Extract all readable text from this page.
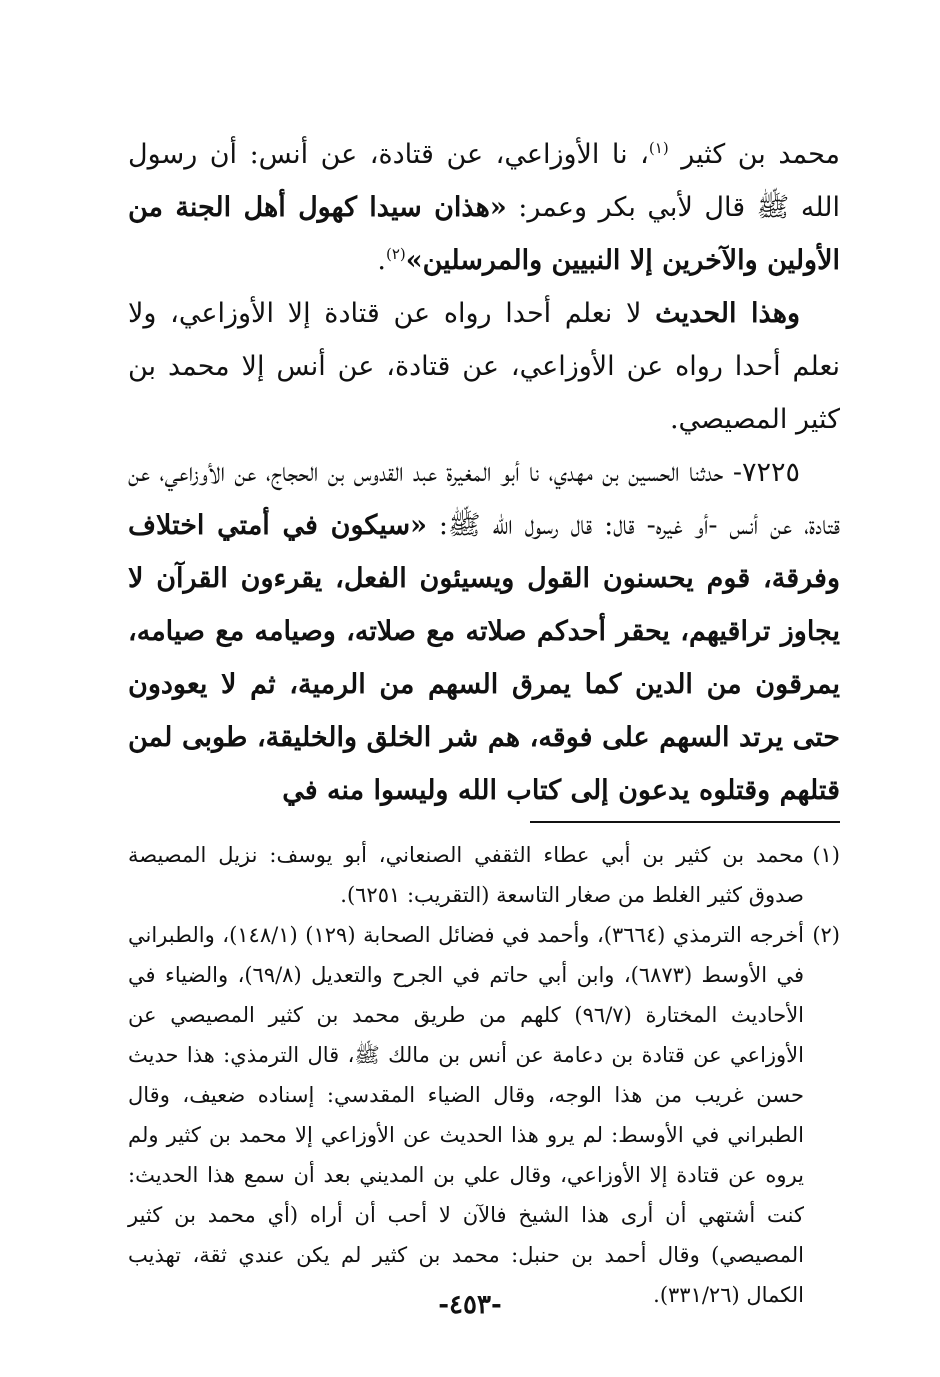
محمد بن كثير $^{(١)}$، نا الأوزاعي، عن قتادة، عن أنس: أن رسول الله ﷺ قال لأبي بكر وعمر: «هذان سيدا كهول أهل الجنة من الأولين والآخرين إلا النبيين والمرسلين»$^{(٢)}$.

وهذا الحديث لا نعلم أحدا رواه عن قتادة إلا الأوزاعي، ولا نعلم أحدا رواه عن الأوزاعي، عن قتادة، عن أنس إلا محمد بن كثير المصيصي.

٧٢٢٥- حدثنا الحسين بن مهدي، نا أبو المغيرة عبد القدوس بن الحجاج، عن الأوزاعي، عن قتادة، عن أنس -أو غيره- قال: قال رسول الله ﷺ: «سيكون في أمتي اختلاف وفرقة، قوم يحسنون القول ويسيئون الفعل، يقرءون القرآن لا يجاوز تراقيهم، يحقر أحدكم صلاته مع صلاته، وصيامه مع صيامه، يمرقون من الدين كما يمرق السهم من الرمية، ثم لا يعودون حتى يرتد السهم على فوقه، هم شر الخلق والخليقة، طوبى لمن قتلهم وقتلوه يدعون إلى كتاب الله وليسوا منه في

(١)
محمد بن كثير بن أبي عطاء الثقفي الصنعاني، أبو يوسف: نزيل المصيصة صدوق كثير الغلط من صغار التاسعة (التقريب: ٦٢٥١).

(٢)
أخرجه الترمذي (٣٦٦٤)، وأحمد في فضائل الصحابة (١٢٩) (١٤٨/١)، والطبراني في الأوسط (٦٨٧٣)، وابن أبي حاتم في الجرح والتعديل (٦٩/٨)، والضياء في الأحاديث المختارة (٩٦/٧) كلهم من طريق محمد بن كثير المصيصي عن الأوزاعي عن قتادة بن دعامة عن أنس بن مالك ﷺ، قال الترمذي: هذا حديث حسن غريب من هذا الوجه، وقال الضياء المقدسي: إسناده ضعيف، وقال الطبراني في الأوسط: لم يرو هذا الحديث عن الأوزاعي إلا محمد بن كثير ولم يروه عن قتادة إلا الأوزاعي، وقال علي بن المديني بعد أن سمع هذا الحديث: كنت أشتهي أن أرى هذا الشيخ فالآن لا أحب أن أراه (أي محمد بن كثير المصيصي) وقال أحمد بن حنبل: محمد بن كثير لم يكن عندي ثقة، تهذيب الكمال (٣٣١/٢٦).

-٤٥٣-
